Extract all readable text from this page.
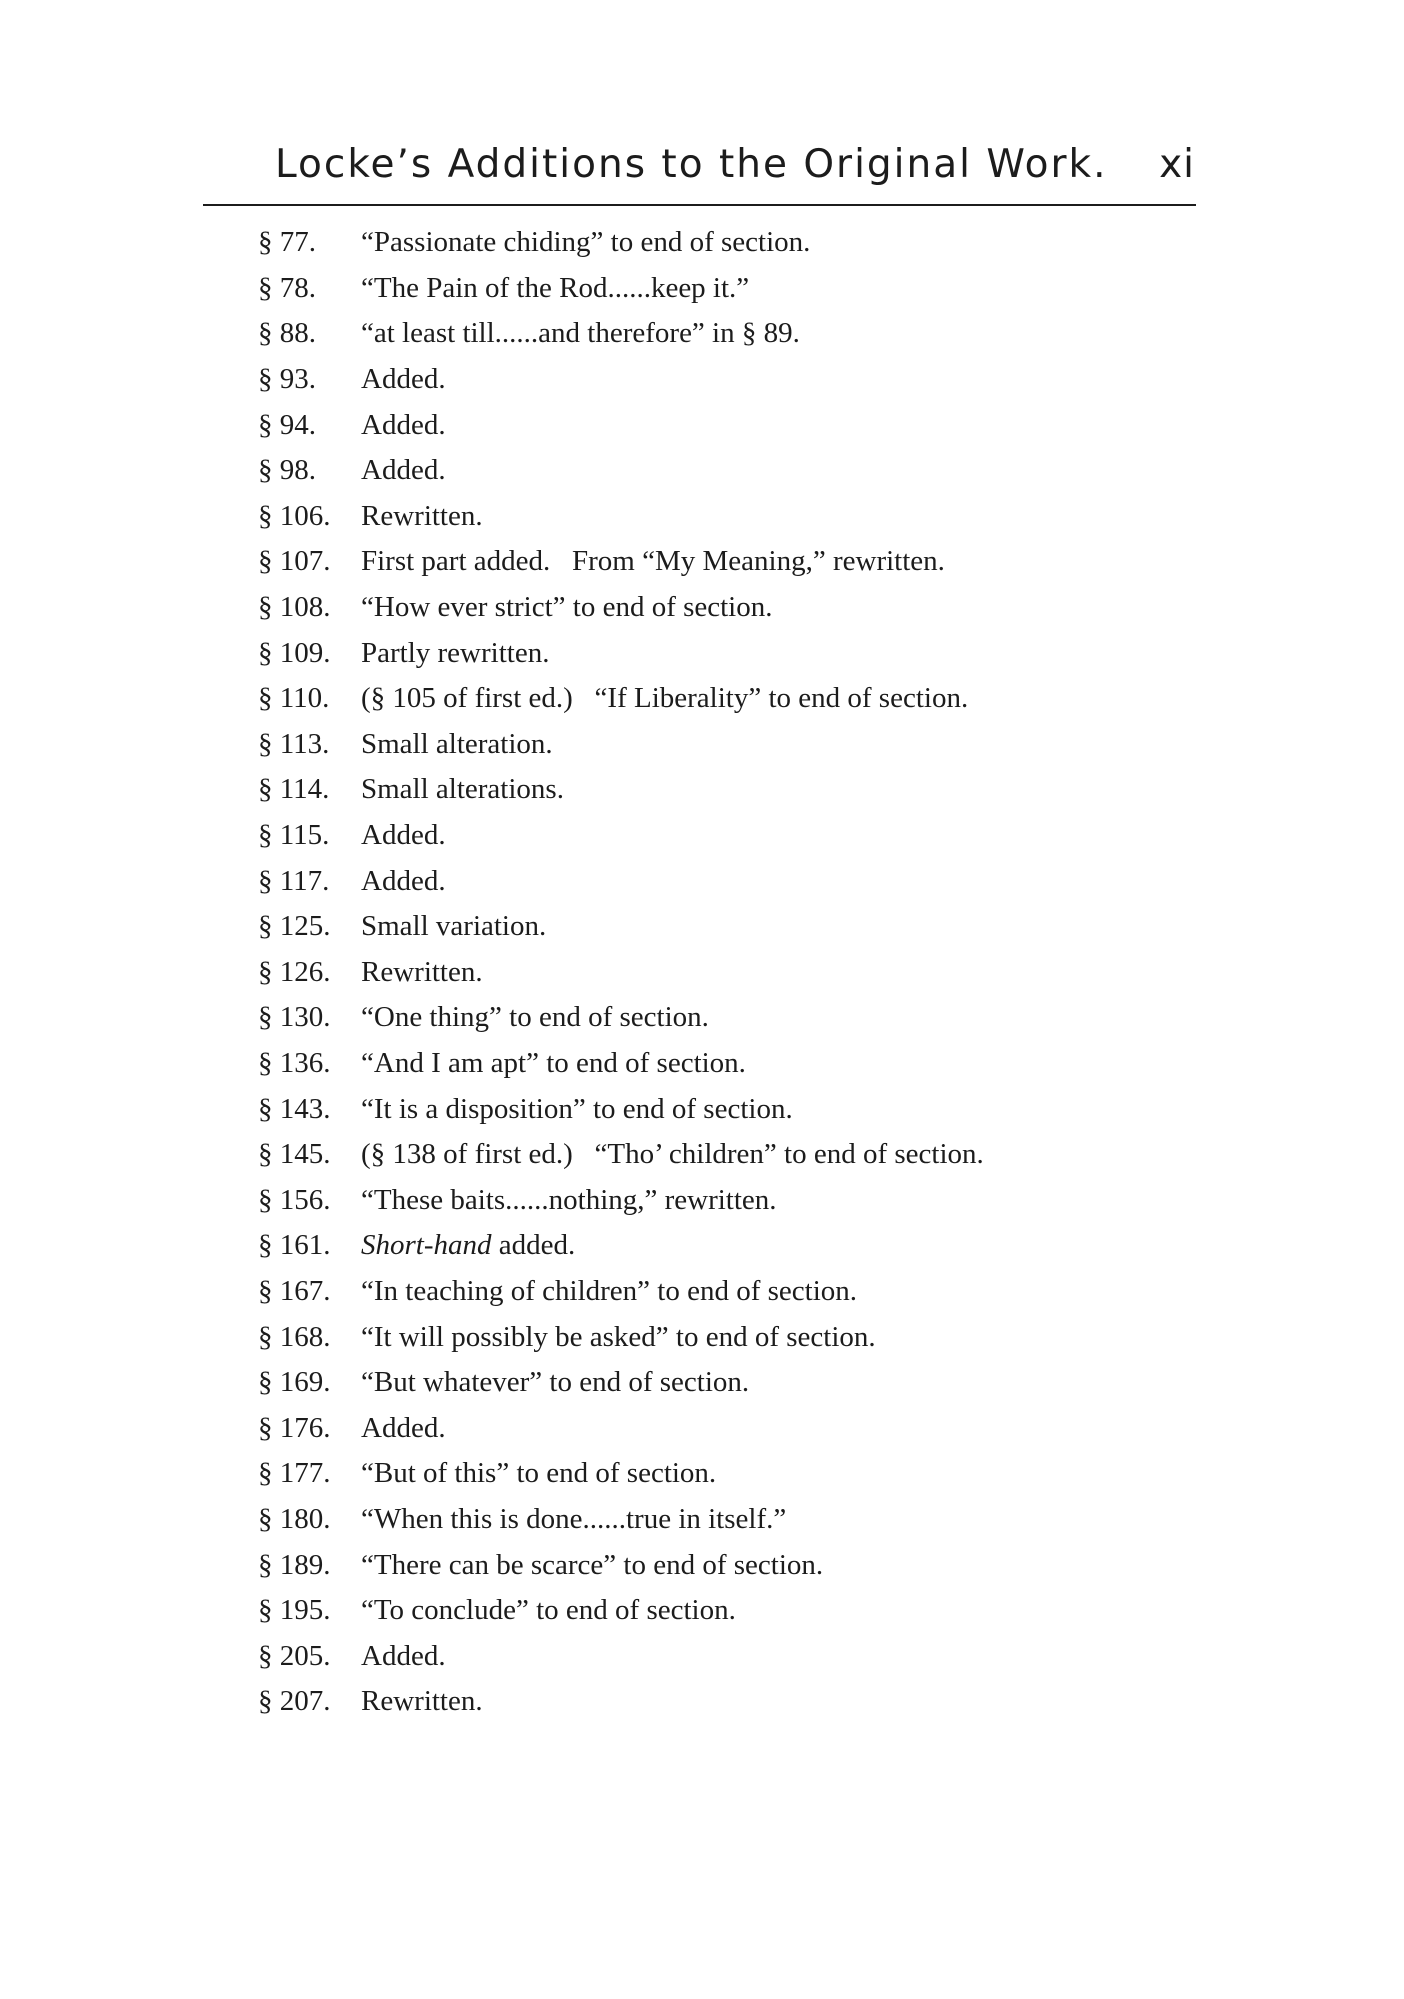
Locke’s Additions to the Original Work. xi
§ 77.	“Passionate chiding” to end of section.
§ 78.	“The Pain of the Rod......keep it.”
§ 88.	“at least till......and therefore” in § 89.
§ 93.	Added.
§ 94.	Added.
§ 98.	Added.
§ 106.	Rewritten.
§ 107.	First part added.   From “My Meaning,” rewritten.
§ 108.	“How ever strict” to end of section.
§ 109.	Partly rewritten.
§ 110.	(§ 105 of first ed.)   “If Liberality” to end of section.
§ 113.	Small alteration.
§ 114.	Small alterations.
§ 115.	Added.
§ 117.	Added.
§ 125.	Small variation.
§ 126.	Rewritten.
§ 130.	“One thing” to end of section.
§ 136.	“And I am apt” to end of section.
§ 143.	“It is a disposition” to end of section.
§ 145.	(§ 138 of first ed.)   “Tho’ children” to end of section.
§ 156.	“These baits......nothing,” rewritten.
§ 161.	Short-hand added.
§ 167.	“In teaching of children” to end of section.
§ 168.	“It will possibly be asked” to end of section.
§ 169.	“But whatever” to end of section.
§ 176.	Added.
§ 177.	“But of this” to end of section.
§ 180.	“When this is done......true in itself.”
§ 189.	“There can be scarce” to end of section.
§ 195.	“To conclude” to end of section.
§ 205.	Added.
§ 207.	Rewritten.
